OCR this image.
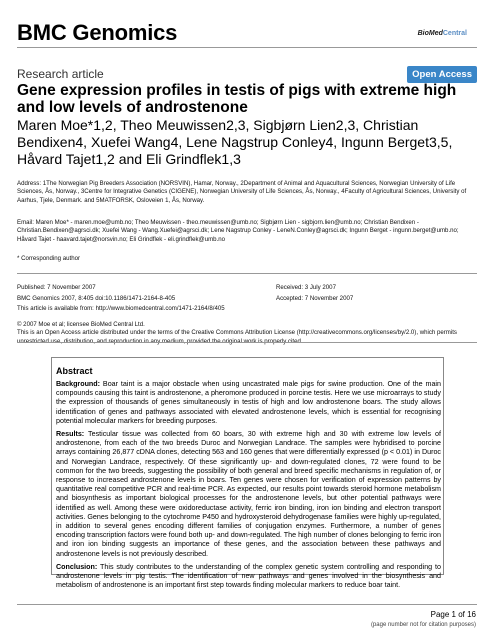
BMC Genomics	BioMedCentral
Research article	Open Access
Gene expression profiles in testis of pigs with extreme high and low levels of androstenone
Maren Moe*1,2, Theo Meuwissen2,3, Sigbjørn Lien2,3, Christian Bendixen4, Xuefei Wang4, Lene Nagstrup Conley4, Ingunn Berget3,5, Håvard Tajet1,2 and Eli Grindflek1,3
Address: 1The Norwegian Pig Breeders Association (NORSVIN), Hamar, Norway., 2Department of Animal and Aquacultural Sciences, Norwegian University of Life Sciences, Ås, Norway., 3Centre for Integrative Genetics (CIGENE), Norwegian University of Life Sciences, Ås, Norway., 4Faculty of Agricultural Sciences, University of Aarhus, Tjele, Denmark. and 5MATFORSK, Osloveien 1, Ås, Norway.
Email: Maren Moe* - maren.moe@umb.no; Theo Meuwissen - theo.meuwissen@umb.no; Sigbjørn Lien - sigbjorn.lien@umb.no; Christian Bendixen - Christian.Bendixen@agrsci.dk; Xuefei Wang - Wang.Xuefei@agrsci.dk; Lene Nagstrup Conley - LeneN.Conley@agrsci.dk; Ingunn Berget - ingunn.berget@umb.no; Håvard Tajet - haavard.tajet@norsvin.no; Eli Grindflek - eli.grindflek@umb.no
* Corresponding author
Published: 7 November 2007
BMC Genomics 2007, 8:405 doi:10.1186/1471-2164-8-405
This article is available from: http://www.biomedcentral.com/1471-2164/8/405
Received: 3 July 2007
Accepted: 7 November 2007
© 2007 Moe et al; licensee BioMed Central Ltd.
This is an Open Access article distributed under the terms of the Creative Commons Attribution License (http://creativecommons.org/licenses/by/2.0), which permits unrestricted use, distribution, and reproduction in any medium, provided the original work is properly cited.
Abstract

Background: Boar taint is a major obstacle when using uncastrated male pigs for swine production. One of the main compounds causing this taint is androstenone, a pheromone produced in porcine testis. Here we use microarrays to study the expression of thousands of genes simultaneously in testis of high and low androstenone boars. The study allows identification of genes and pathways associated with elevated androstenone levels, which is essential for recognising potential molecular markers for breeding purposes.

Results: Testicular tissue was collected from 60 boars, 30 with extreme high and 30 with extreme low levels of androstenone, from each of the two breeds Duroc and Norwegian Landrace. The samples were hybridised to porcine arrays containing 26,877 cDNA clones, detecting 563 and 160 genes that were differentially expressed (p < 0.01) in Duroc and Norwegian Landrace, respectively. Of these significantly up- and down-regulated clones, 72 were found to be common for the two breeds, suggesting the possibility of both general and breed specific mechanisms in regulation of, or response to increased androstenone levels in boars. Ten genes were chosen for verification of expression patterns by quantitative real competitive PCR and real-time PCR. As expected, our results point towards steroid hormone metabolism and biosynthesis as important biological processes for the androstenone levels, but other potential pathways were identified as well. Among these were oxidoreductase activity, ferric iron binding, iron ion binding and electron transport activities. Genes belonging to the cytochrome P450 and hydroxysteroid dehydrogenase families were highly up-regulated, in addition to several genes encoding different families of conjugation enzymes. Furthermore, a number of genes encoding transcription factors were found both up- and down-regulated. The high number of clones belonging to ferric iron and iron ion binding suggests an importance of these genes, and the association between these pathways and androstenone levels is not previously described.

Conclusion: This study contributes to the understanding of the complex genetic system controlling and responding to androstenone levels in pig testis. The identification of new pathways and genes involved in the biosynthesis and metabolism of androstenone is an important first step towards finding molecular markers to reduce boar taint.

Page 1 of 16
(page number not for citation purposes)
